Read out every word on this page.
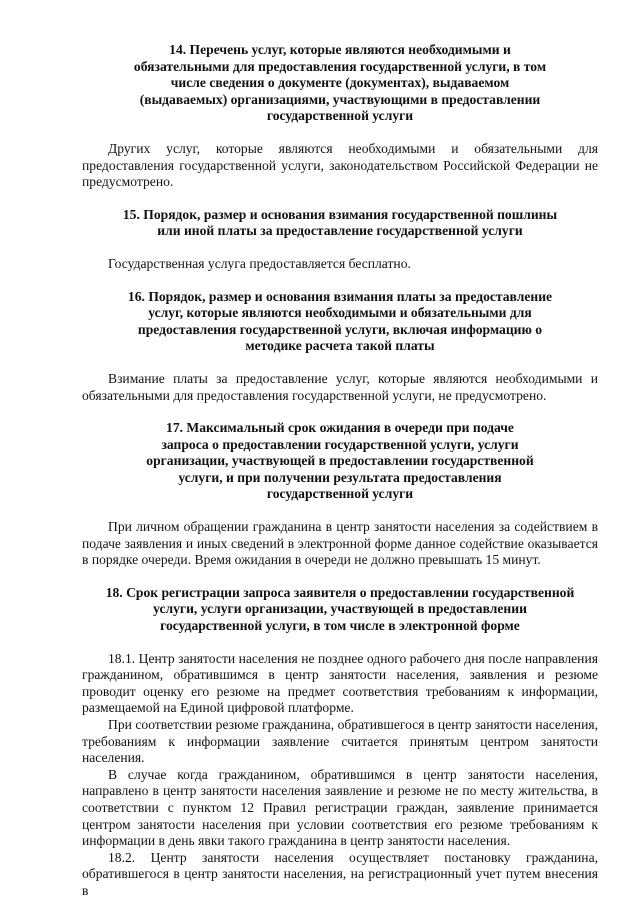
14. Перечень услуг, которые являются необходимыми и обязательными для предоставления государственной услуги, в том числе сведения о документе (документах), выдаваемом (выдаваемых) организациями, участвующими в предоставлении государственной услуги

Других услуг, которые являются необходимыми и обязательными для предоставления государственной услуги, законодательством Российской Федерации не предусмотрено.

15. Порядок, размер и основания взимания государственной пошлины или иной платы за предоставление государственной услуги

Государственная услуга предоставляется бесплатно.

16. Порядок, размер и основания взимания платы за предоставление услуг, которые являются необходимыми и обязательными для предоставления государственной услуги, включая информацию о методике расчета такой платы

Взимание платы за предоставление услуг, которые являются необходимыми и обязательными для предоставления государственной услуги, не предусмотрено.

17. Максимальный срок ожидания в очереди при подаче запроса о предоставлении государственной услуги, услуги организации, участвующей в предоставлении государственной услуги, и при получении результата предоставления государственной услуги

При личном обращении гражданина в центр занятости населения за содействием в подаче заявления и иных сведений в электронной форме данное содействие оказывается в порядке очереди. Время ожидания в очереди не должно превышать 15 минут.

18. Срок регистрации запроса заявителя о предоставлении государственной услуги, услуги организации, участвующей в предоставлении государственной услуги, в том числе в электронной форме

18.1. Центр занятости населения не позднее одного рабочего дня после направления гражданином, обратившимся в центр занятости населения, заявления и резюме проводит оценку его резюме на предмет соответствия требованиям к информации, размещаемой на Единой цифровой платформе.

При соответствии резюме гражданина, обратившегося в центр занятости населения, требованиям к информации заявление считается принятым центром занятости населения.

В случае когда гражданином, обратившимся в центр занятости населения, направлено в центр занятости населения заявление и резюме не по месту жительства, в соответствии с пунктом 12 Правил регистрации граждан, заявление принимается центром занятости населения при условии соответствия его резюме требованиям к информации в день явки такого гражданина в центр занятости населения.

18.2. Центр занятости населения осуществляет постановку гражданина, обратившегося в центр занятости населения, на регистрационный учет путем внесения в
